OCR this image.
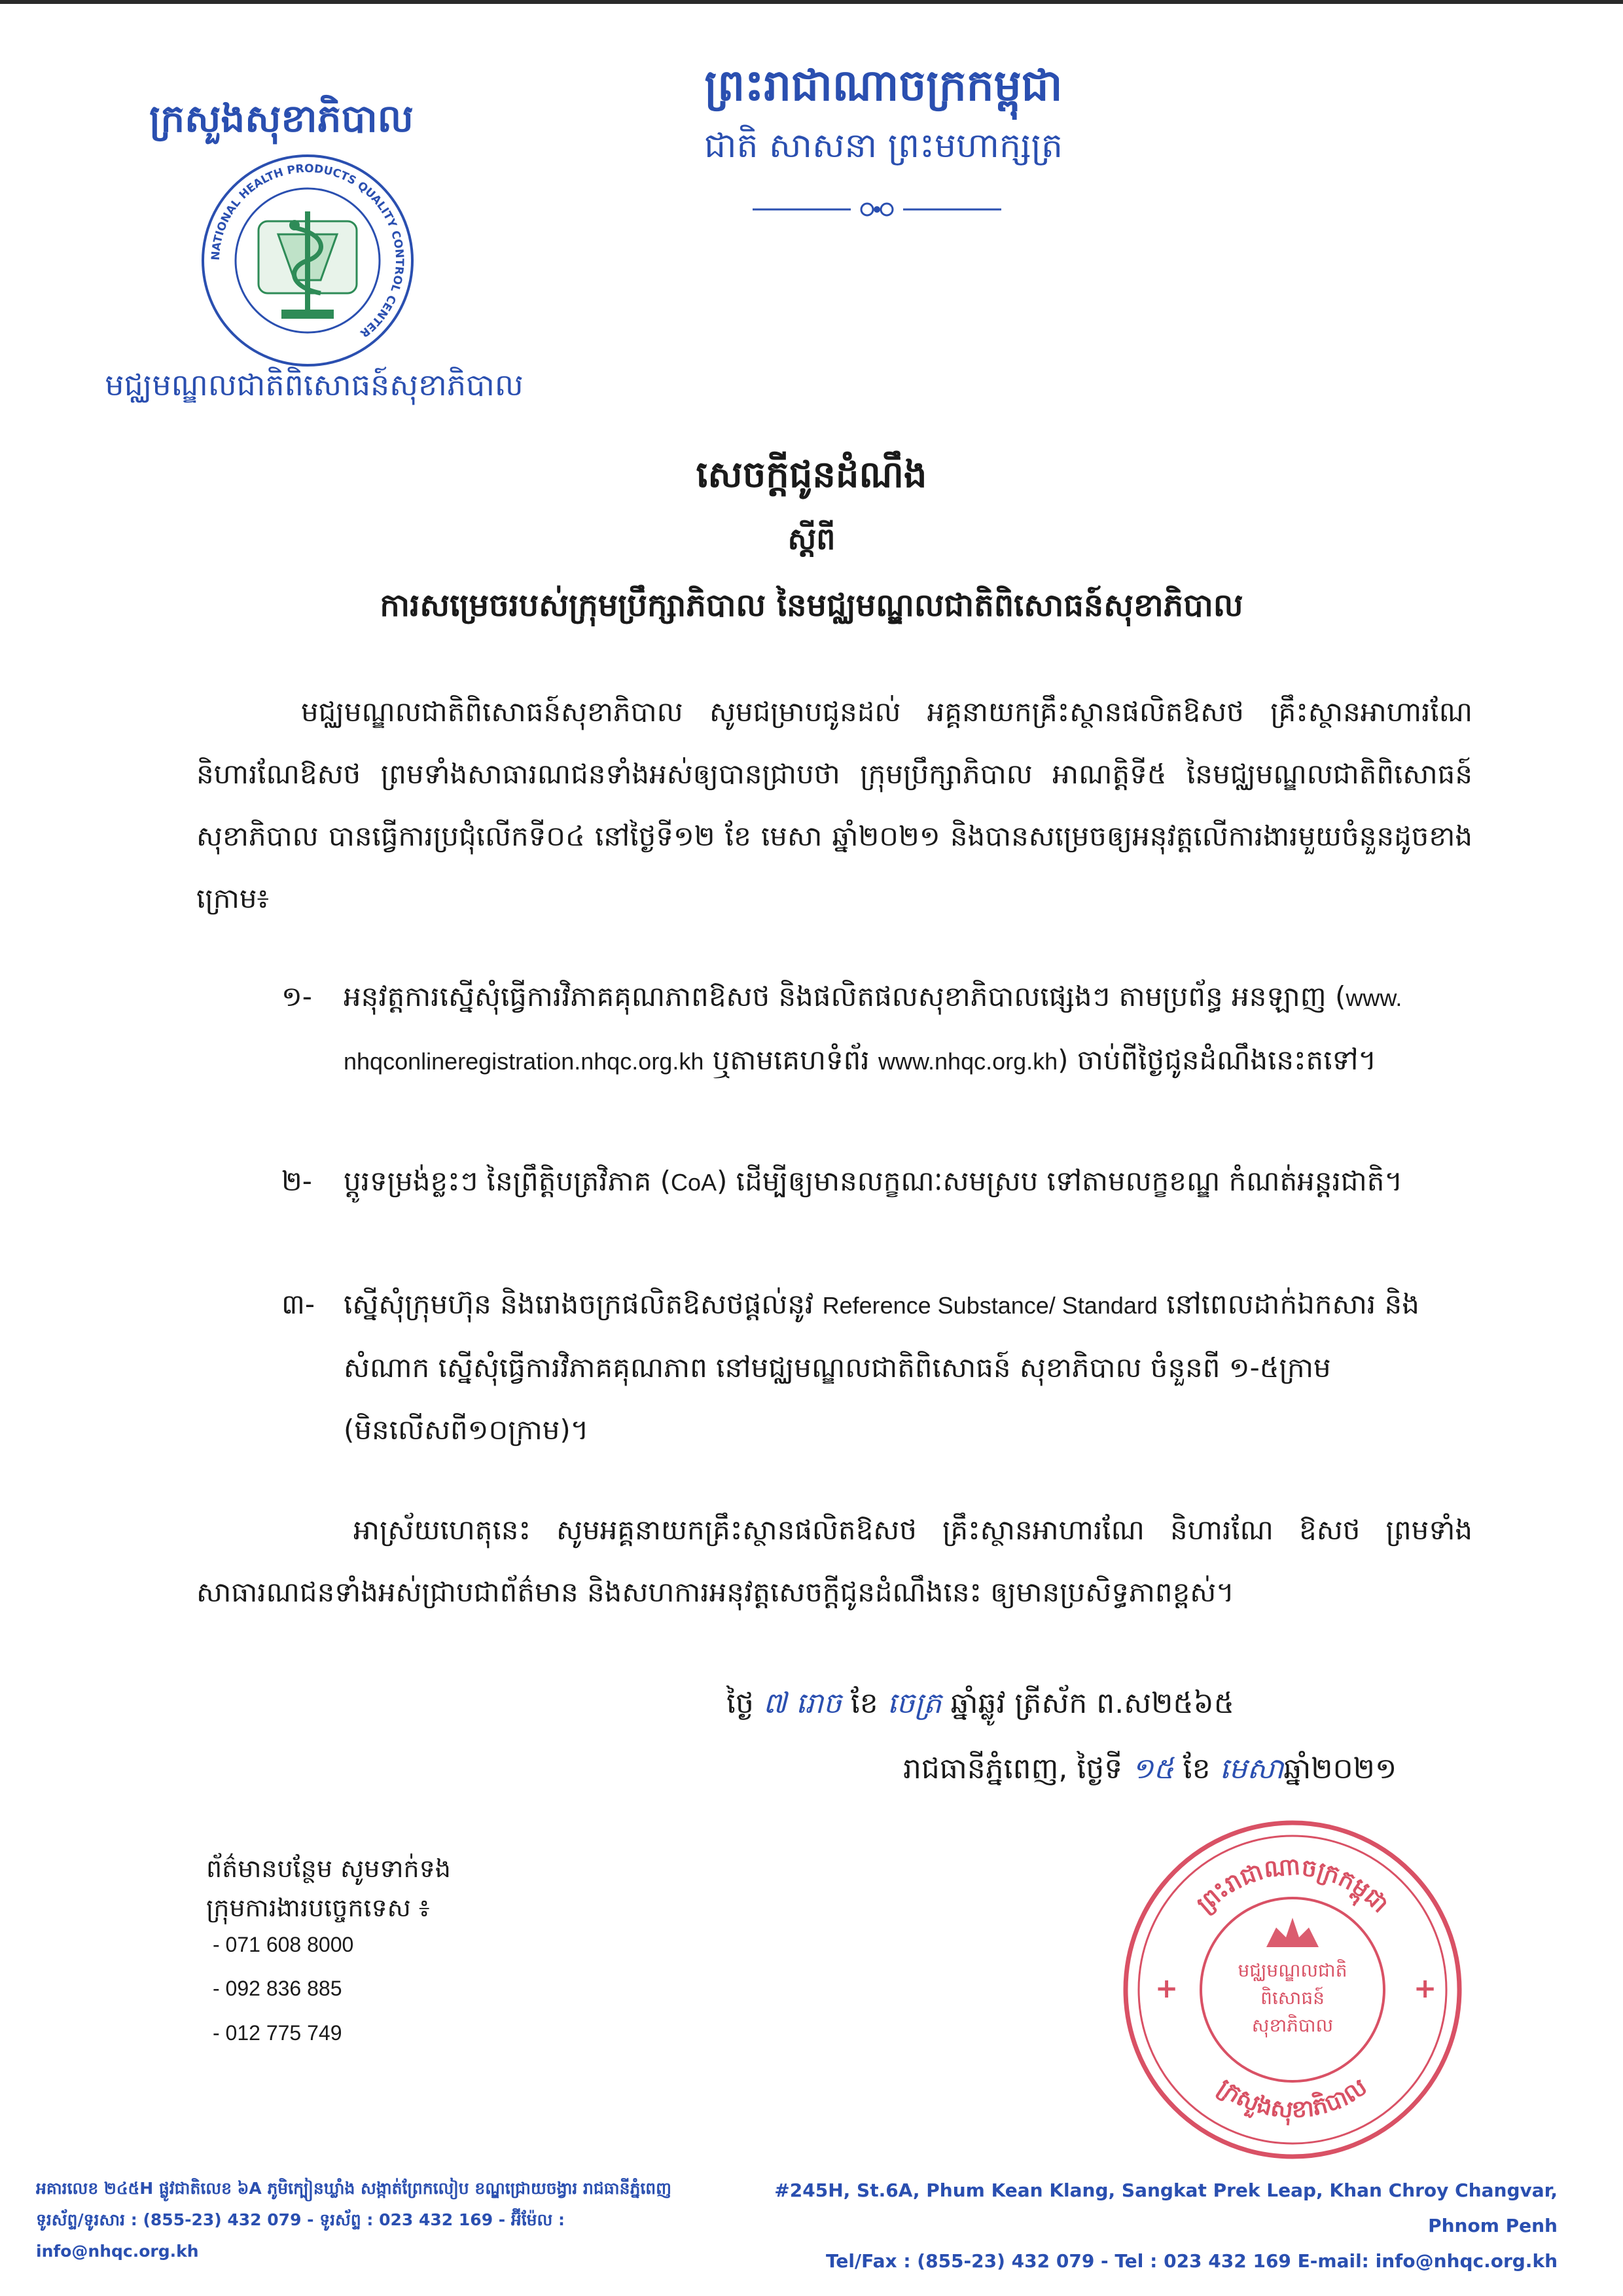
ក្រសួងសុខាភិបាល
NATIONAL HEALTH PRODUCTS QUALITY CONTROL CENTER
មជ្ឈមណ្ឌលជាតិពិសោធន៍សុខាភិបាល
ព្រះរាជាណាចក្រកម្ពុជា
ជាតិ សាសនា ព្រះមហាក្សត្រ
សេចក្តីជូនដំណឹង
ស្តីពី
ការសម្រេចរបស់ក្រុមប្រឹក្សាភិបាល នៃមជ្ឈមណ្ឌលជាតិពិសោធន៍សុខាភិបាល
មជ្ឈមណ្ឌលជាតិពិសោធន៍សុខាភិបាល សូមជម្រាបជូនដល់ អគ្គនាយកគ្រឹះស្ថានផលិតឱសថ គ្រឹះស្ថានអាហារណែ និហារណែឱសថ ព្រមទាំងសាធារណជនទាំងអស់ឲ្យបានជ្រាបថា ក្រុមប្រឹក្សាភិបាល អាណត្តិទី៥ នៃមជ្ឈមណ្ឌលជាតិពិសោធន៍សុខាភិបាល បានធ្វើការប្រជុំលើកទី០៤ នៅថ្ងៃទី១២ ខែ មេសា ឆ្នាំ២០២១ និងបានសម្រេចឲ្យអនុវត្តលើការងារមួយចំនួនដូចខាងក្រោម៖
១-	អនុវត្តការស្នើសុំធ្វើការវិភាគគុណភាពឱសថ និងផលិតផលសុខាភិបាលផ្សេងៗ តាមប្រព័ន្ធ អនឡាញ (www. nhqconlineregistration.nhqc.org.kh ឬតាមគេហទំព័រ www.nhqc.org.kh) ចាប់ពីថ្ងៃជូនដំណឹងនេះតទៅ។
២-	ប្តូរទម្រង់ខ្លះៗ នៃព្រឹត្តិបត្រវិភាគ (CoA) ដើម្បីឲ្យមានលក្ខណៈសមស្រប ទៅតាមលក្ខខណ្ឌ កំណត់អន្តរជាតិ។
៣-	ស្នើសុំក្រុមហ៊ុន និងរោងចក្រផលិតឱសថផ្តល់នូវ Reference Substance/ Standard នៅពេលដាក់ឯកសារ និងសំណាក ស្នើសុំធ្វើការវិភាគគុណភាព នៅមជ្ឈមណ្ឌលជាតិពិសោធន៍ សុខាភិបាល ចំនួនពី ១-៥ក្រាម (មិនលើសពី១០ក្រាម)។
អាស្រ័យហេតុនេះ សូមអគ្គនាយកគ្រឹះស្ថានផលិតឱសថ គ្រឹះស្ថានអាហារណែ និហារណែ ឱសថ ព្រមទាំងសាធារណជនទាំងអស់ជ្រាបជាព័ត៌មាន និងសហការអនុវត្តសេចក្តីជូនដំណឹងនេះ ឲ្យមានប្រសិទ្ធភាពខ្ពស់។
ថ្ងៃ ៧ រោច ខែ ចេត្រ ឆ្នាំឆ្លូវ ត្រីស័ក ព.ស២៥៦៥
រាជធានីភ្នំពេញ, ថ្ងៃទី ១៥ ខែ មេសាឆ្នាំ២០២១
ព័ត៌មានបន្ថែម សូមទាក់ទង
ក្រុមការងារបច្ចេកទេស ៖
- 071 608 8000
- 092 836 885
- 012 775 749
ព្រះរាជាណាចក្រកម្ពុជា
ក្រសួងសុខាភិបាល
+	+
មជ្ឈមណ្ឌលជាតិ
ពិសោធន៍
សុខាភិបាល
អគារលេខ ២៤៥H ផ្លូវជាតិលេខ ៦A ភូមិក្បៀនឃ្លាំង សង្កាត់ព្រែកលៀប ខណ្ឌជ្រោយចង្វារ រាជធានីភ្នំពេញ
ទូរស័ព្ទ/ទូរសារ : (855-23) 432 079 - ទូរស័ព្ទ : 023 432 169 - អ៊ីម៉ែល : info@nhqc.org.kh
#245H, St.6A, Phum Kean Klang, Sangkat Prek Leap, Khan Chroy Changvar, Phnom Penh
Tel/Fax : (855-23) 432 079 - Tel : 023 432 169 E-mail: info@nhqc.org.kh
